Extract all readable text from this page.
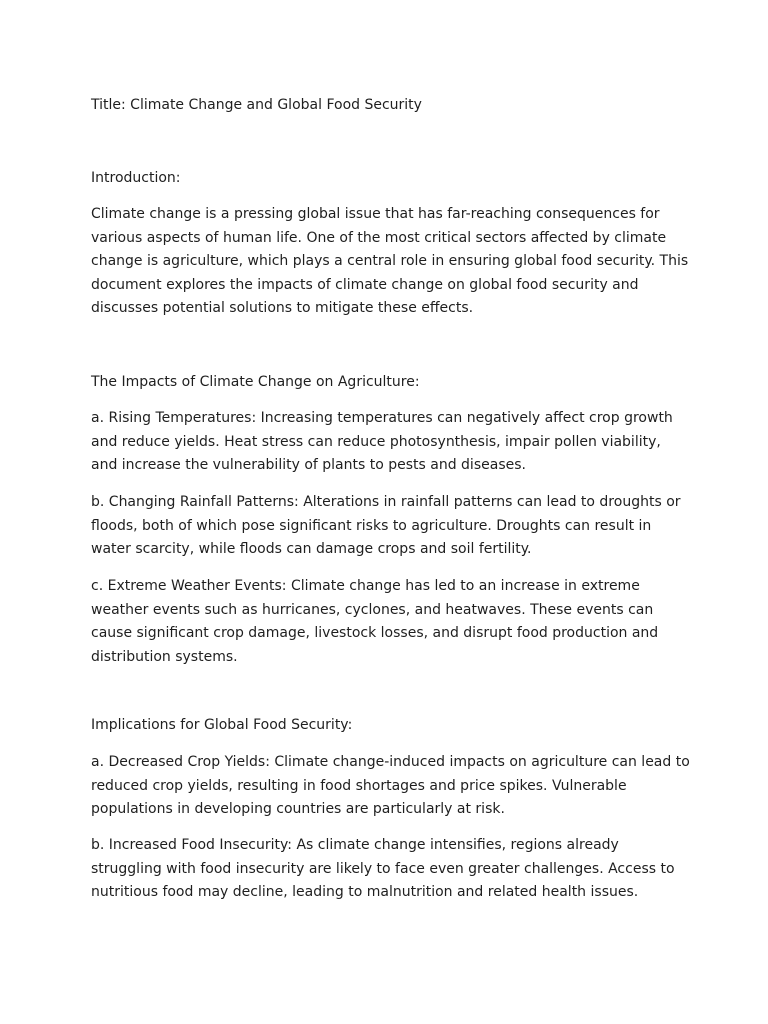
Title: Climate Change and Global Food Security

Introduction:

Climate change is a pressing global issue that has far-reaching consequences for various aspects of human life. One of the most critical sectors affected by climate change is agriculture, which plays a central role in ensuring global food security. This document explores the impacts of climate change on global food security and discusses potential solutions to mitigate these effects.

The Impacts of Climate Change on Agriculture:

a. Rising Temperatures: Increasing temperatures can negatively affect crop growth and reduce yields. Heat stress can reduce photosynthesis, impair pollen viability, and increase the vulnerability of plants to pests and diseases.

b. Changing Rainfall Patterns: Alterations in rainfall patterns can lead to droughts or floods, both of which pose significant risks to agriculture. Droughts can result in water scarcity, while floods can damage crops and soil fertility.

c. Extreme Weather Events: Climate change has led to an increase in extreme weather events such as hurricanes, cyclones, and heatwaves. These events can cause significant crop damage, livestock losses, and disrupt food production and distribution systems.

Implications for Global Food Security:

a. Decreased Crop Yields: Climate change-induced impacts on agriculture can lead to reduced crop yields, resulting in food shortages and price spikes. Vulnerable populations in developing countries are particularly at risk.

b. Increased Food Insecurity: As climate change intensifies, regions already struggling with food insecurity are likely to face even greater challenges. Access to nutritious food may decline, leading to malnutrition and related health issues.
